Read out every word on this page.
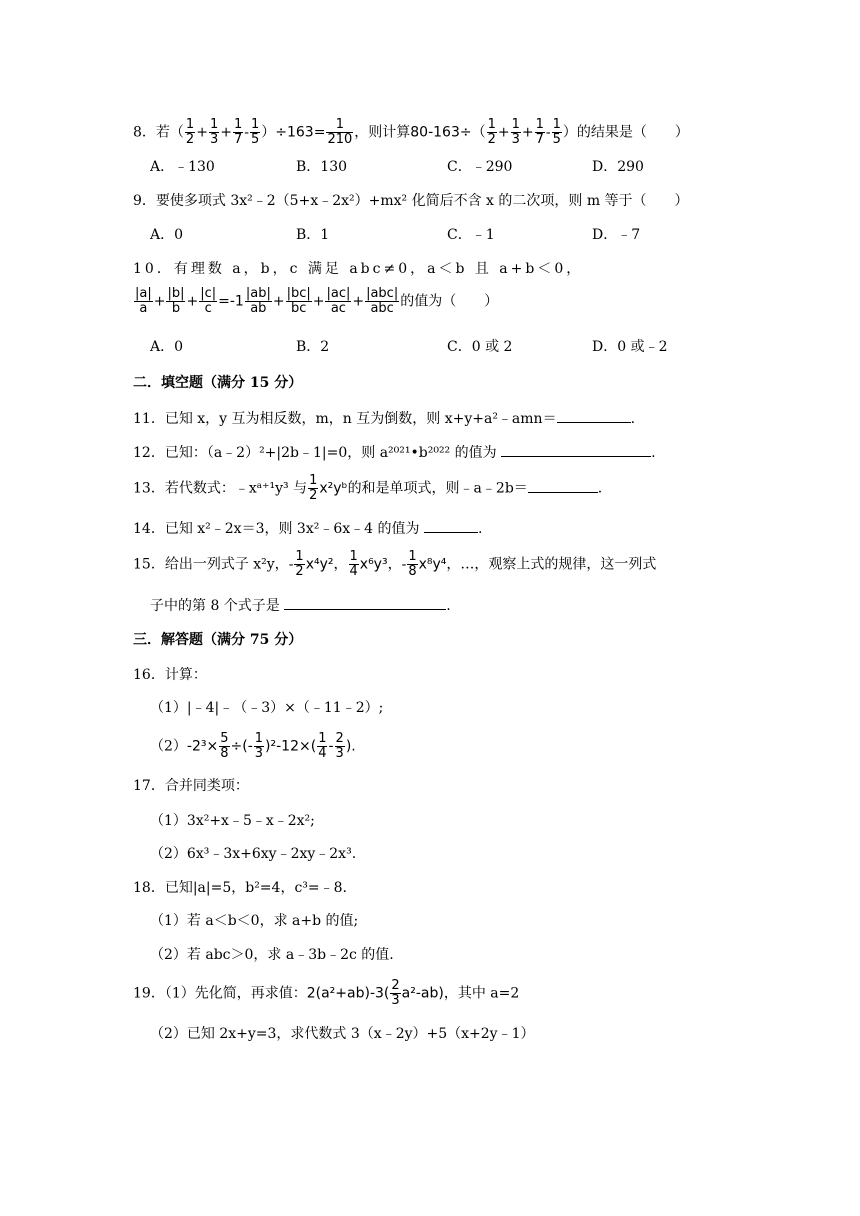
8．若（ $\frac{1}{2} + \frac{1}{3} + \frac{1}{7} - \frac{1}{5} )\div 163= \frac{1}{210}$ ，则计算$80-163\div( \frac{1}{2} + \frac{1}{3} + \frac{1}{7} - \frac{1}{5}$ ）的结果是（　　）
A．﹣130	B．130	C．﹣290	D．290
9．要使多项式 3x²﹣2（5+x﹣2x²）+mx² 化简后不含 x 的二次项，则 m 等于（　　）
A．0	B．1	C．﹣1	D．﹣7
10．有理数 a，b，c 满足 abc≠0，a＜b 且 a+b＜0，
$\frac{|a|}{a} + \frac{|b|}{b} + \frac{|c|}{c} =-1 \frac{|ab|}{ab} + \frac{|bc|}{bc} + \frac{|ac|}{ac} + \frac{\text{|abc|}}{\text{abc}}$ 的值为（　　）
A．0	B．2	C．0 或 2	D．0 或﹣2
二．填空题（满分 15 分）
11．已知 x，y 互为相反数，m，n 互为倒数，则 x+y+a²﹣amn＝	.
12．已知：（a﹣2）²+|2b﹣1|=0，则 a²⁰²¹•b²⁰²² 的值为	.
13．若代数式：﹣xᵃ⁺¹y³ 与 $\frac{1}{2}$ x²yᵇ的和是单项式，则﹣a﹣2b＝	.
14．已知 x²﹣2x＝3，则 3x²﹣6x﹣4 的值为	.
15．给出一列式子 x²y，- $\frac{1}{2} x^4y^2$， $\frac{1}{4} x^6y^3$，- $\frac{1}{8} x^8y^4$，…，观察上式的规律，这一列式
子中的第 8 个式子是	.
三．解答题（满分 75 分）
16．计算：
（1）|﹣4|﹣（﹣3）×（﹣11﹣2）;
$(2)-2^3\times \frac{5}{8}$ ÷(- $\frac{1}{3} )^2-12\times( \frac{1}{4} - \frac{2}{3}$ ).
17．合并同类项：
（1）3x²+x﹣5﹣x﹣2x²;
（2）6x³﹣3x+6xy﹣2xy﹣2x³.
18．已知|a|=5，b²=4，c³=﹣8.
（1）若 a＜b＜0，求 a+b 的值;
（2）若 abc＞0，求 a﹣3b﹣2c 的值.
19．（1）先化简，再求值：$2(a^2+ab)-3( \frac{2}{3} a^2-ab)$，其中 a=2
（2）已知 2x+y=3，求代数式 3（x﹣2y）+5（x+2y﹣1）
